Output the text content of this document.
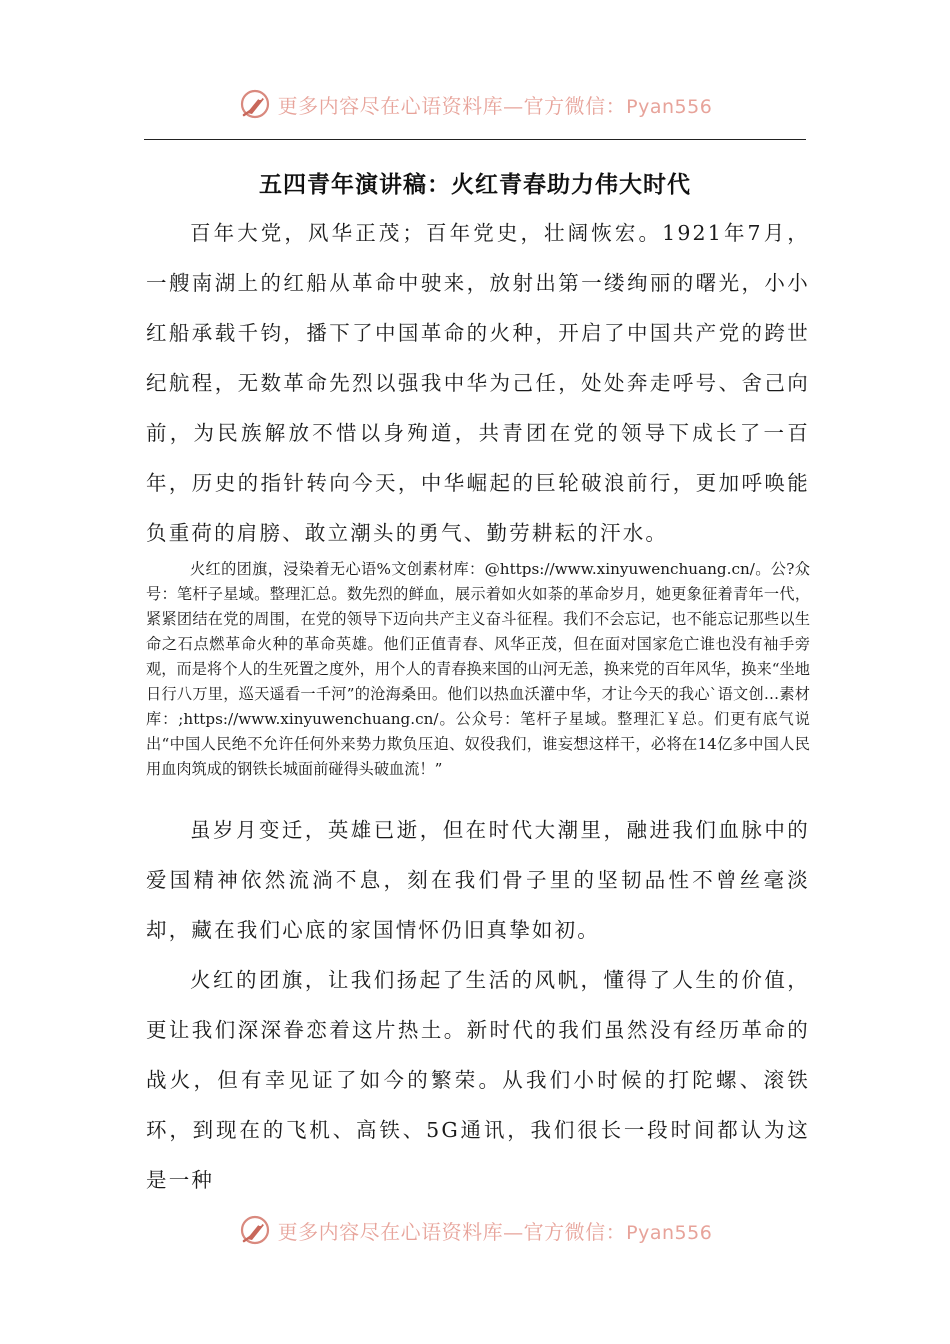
更多内容尽在心语资料库—官方微信：Pyan556
五四青年演讲稿：火红青春助力伟大时代

百年大党，风华正茂；百年党史，壮阔恢宏。1921年7月，一艘南湖上的红船从革命中驶来，放射出第一缕绚丽的曙光，小小红船承载千钧，播下了中国革命的火种，开启了中国共产党的跨世纪航程，无数革命先烈以强我中华为己任，处处奔走呼号、舍己向前，为民族解放不惜以身殉道，共青团在党的领导下成长了一百年，历史的指针转向今天，中华崛起的巨轮破浪前行，更加呼唤能负重荷的肩膀、敢立潮头的勇气、勤劳耕耘的汗水。

火红的团旗，浸染着无心语%文创素材库：@https://www.xinyuwenchuang.cn/。公?众号：笔杆子星域。整理汇总。数先烈的鲜血，展示着如火如荼的革命岁月，她更象征着青年一代，紧紧团结在党的周围，在党的领导下迈向共产主义奋斗征程。我们不会忘记，也不能忘记那些以生命之石点燃革命火种的革命英雄。他们正值青春、风华正茂，但在面对国家危亡谁也没有袖手旁观，而是将个人的生死置之度外，用个人的青春换来国的山河无恙，换来党的百年风华，换来“坐地日行八万里，巡天遥看一千河”的沧海桑田。他们以热血沃灌中华，才让今天的我心`语文创…素材库：;https://www.xinyuwenchuang.cn/。公众号：笔杆子星域。整理汇￥总。们更有底气说出“中国人民绝不允许任何外来势力欺负压迫、奴役我们，谁妄想这样干，必将在14亿多中国人民用血肉筑成的钢铁长城面前碰得头破血流！”

虽岁月变迁，英雄已逝，但在时代大潮里，融进我们血脉中的爱国精神依然流淌不息，刻在我们骨子里的坚韧品性不曾丝毫淡却，藏在我们心底的家国情怀仍旧真挚如初。

火红的团旗，让我们扬起了生活的风帆，懂得了人生的价值，更让我们深深眷恋着这片热土。新时代的我们虽然没有经历革命的战火，但有幸见证了如今的繁荣。从我们小时候的打陀螺、滚铁环，到现在的飞机、高铁、5G通讯，我们很长一段时间都认为这是一种

更多内容尽在心语资料库—官方微信：Pyan556
